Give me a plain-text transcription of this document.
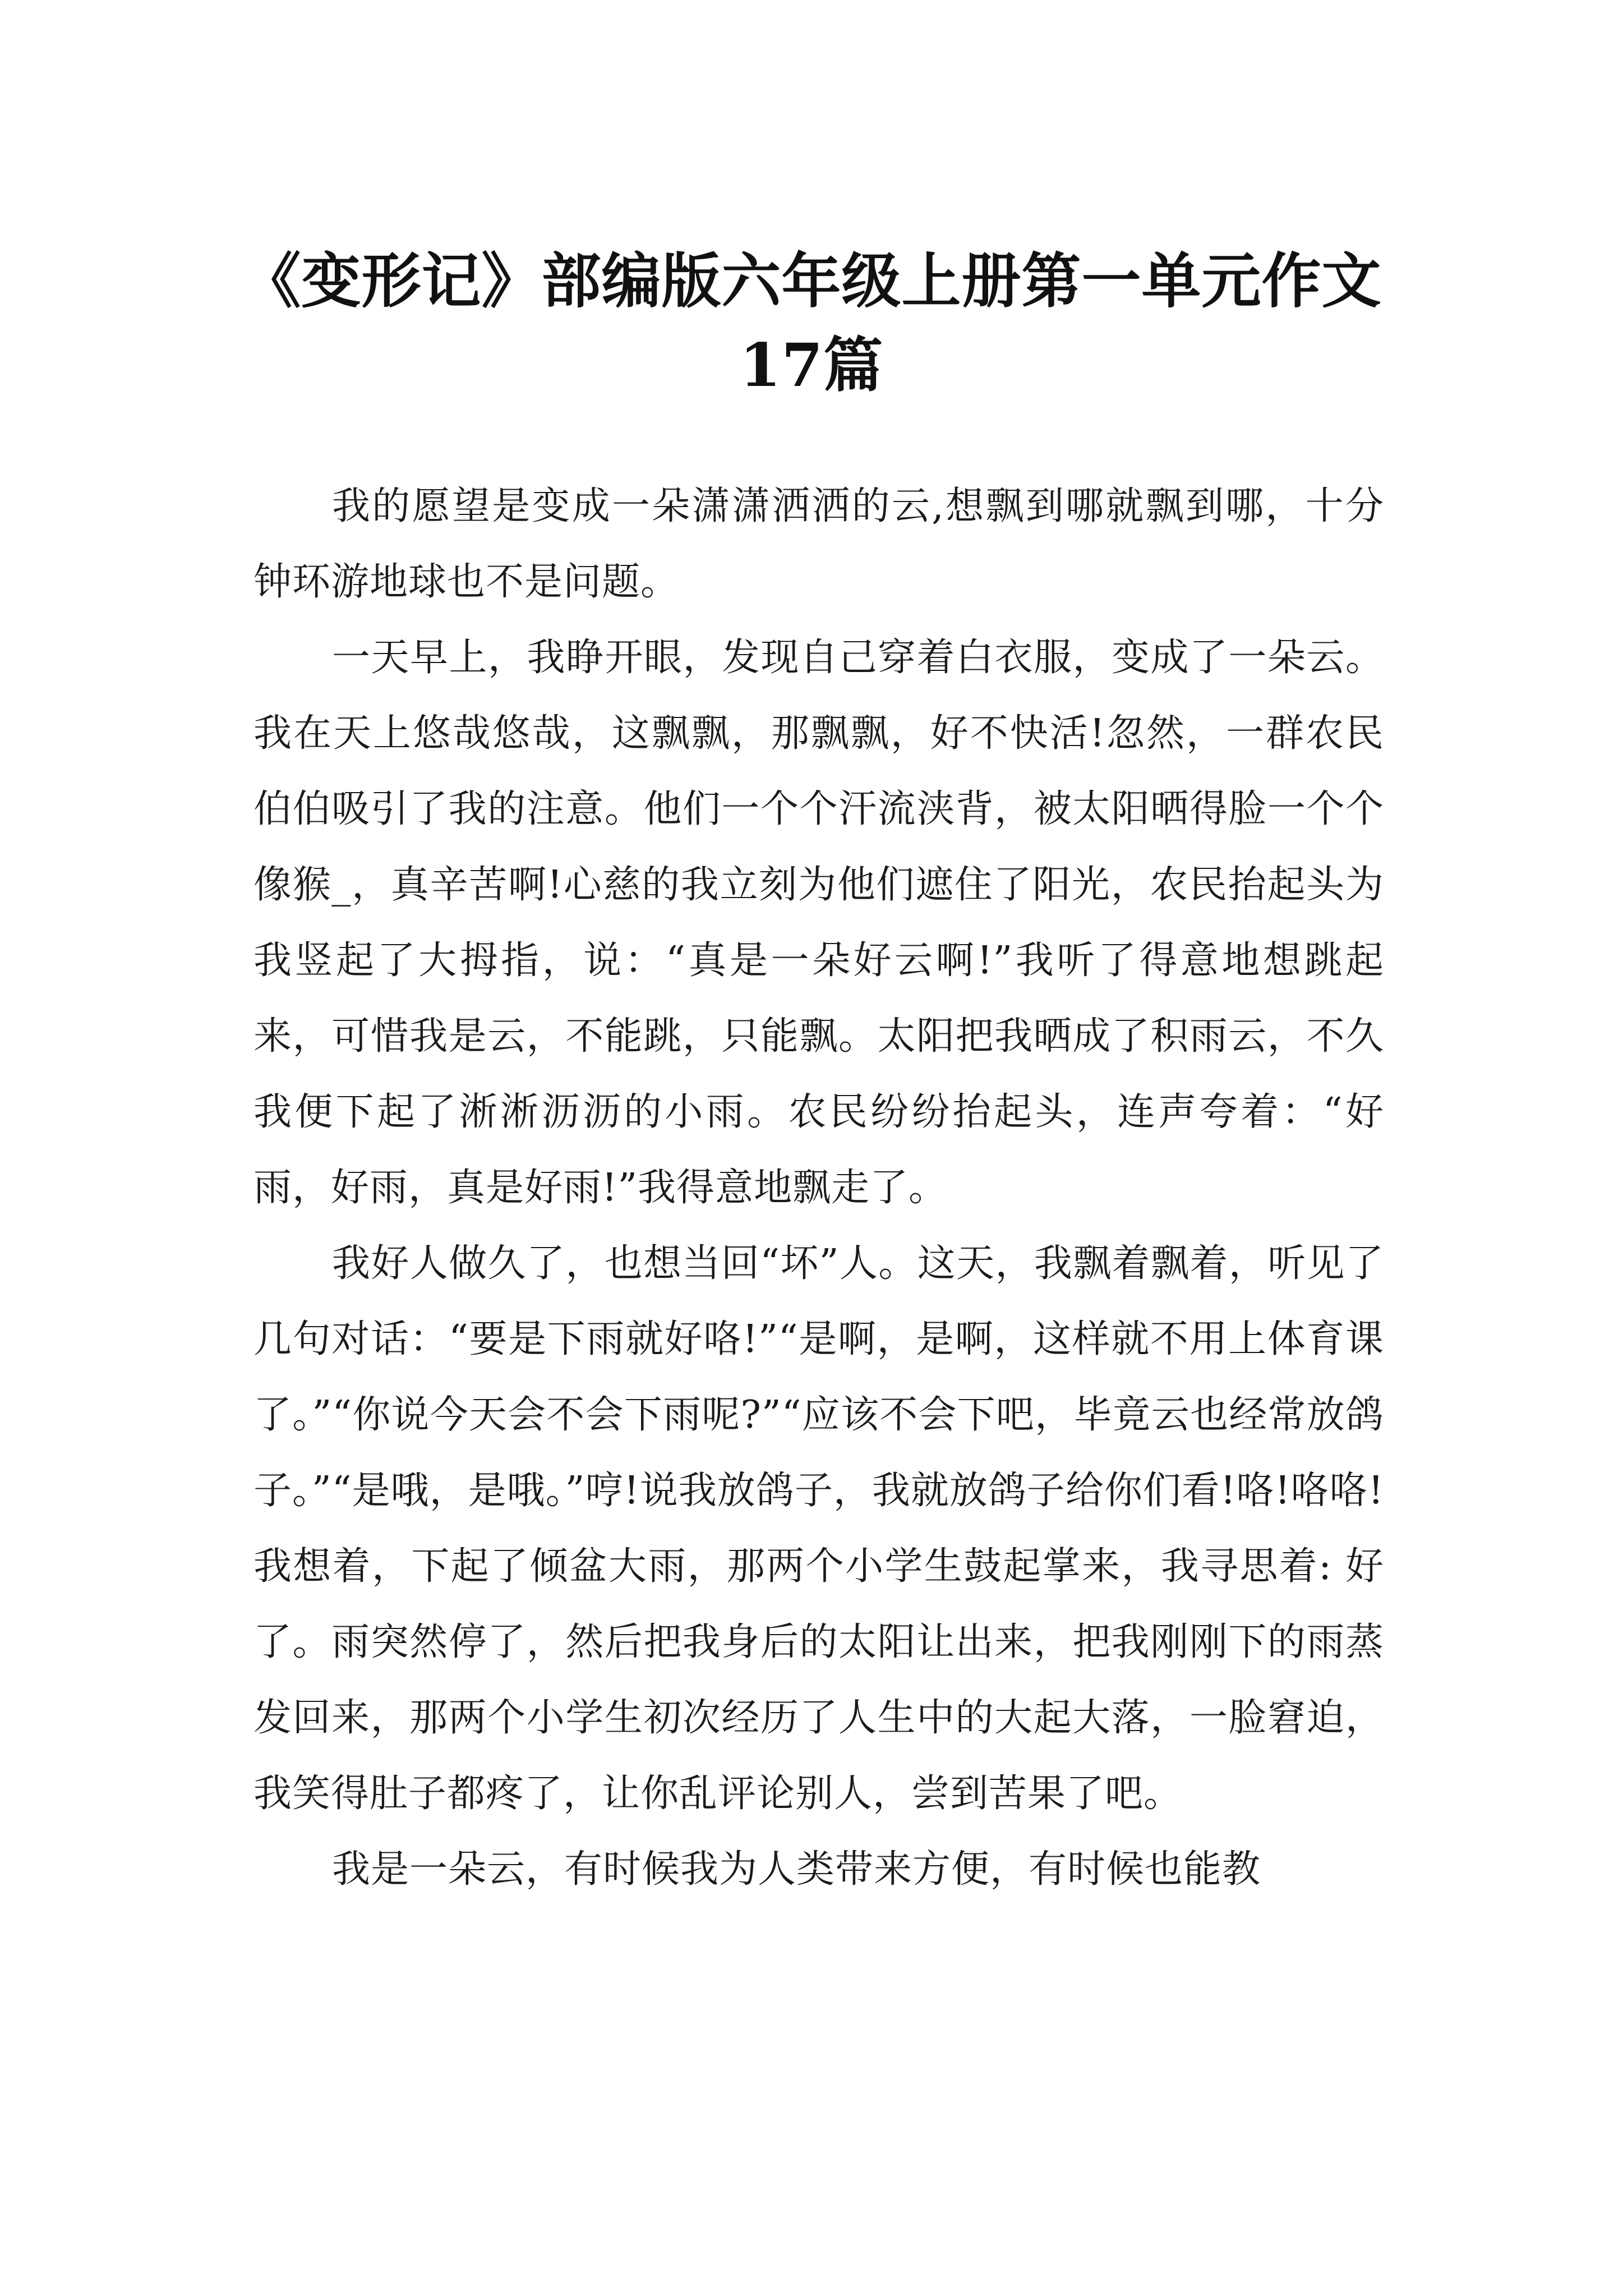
《变形记》部编版六年级上册第一单元作文
17篇

我的愿望是变成一朵潇潇洒洒的云,想飘到哪就飘到哪，十分钟环游地球也不是问题。

一天早上，我睁开眼，发现自己穿着白衣服，变成了一朵云。我在天上悠哉悠哉，这飘飘，那飘飘，好不快活!忽然，一群农民伯伯吸引了我的注意。他们一个个汗流浃背，被太阳晒得脸一个个像猴_，真辛苦啊!心慈的我立刻为他们遮住了阳光，农民抬起头为我竖起了大拇指，说：“真是一朵好云啊!”我听了得意地想跳起来，可惜我是云，不能跳，只能飘。太阳把我晒成了积雨云，不久我便下起了淅淅沥沥的小雨。农民纷纷抬起头，连声夸着：“好雨，好雨，真是好雨!”我得意地飘走了。

我好人做久了，也想当回“坏”人。这天，我飘着飘着，听见了几句对话：“要是下雨就好咯!”“是啊，是啊，这样就不用上体育课了。”“你说今天会不会下雨呢?”“应该不会下吧，毕竟云也经常放鸽子。”“是哦，是哦。”哼!说我放鸽子，我就放鸽子给你们看!咯!咯咯!我想着，下起了倾盆大雨，那两个小学生鼓起掌来，我寻思着: 好了。雨突然停了，然后把我身后的太阳让出来，把我刚刚下的雨蒸发回来，那两个小学生初次经历了人生中的大起大落，一脸窘迫，我笑得肚子都疼了，让你乱评论别人，尝到苦果了吧。

我是一朵云，有时候我为人类带来方便，有时候也能教
